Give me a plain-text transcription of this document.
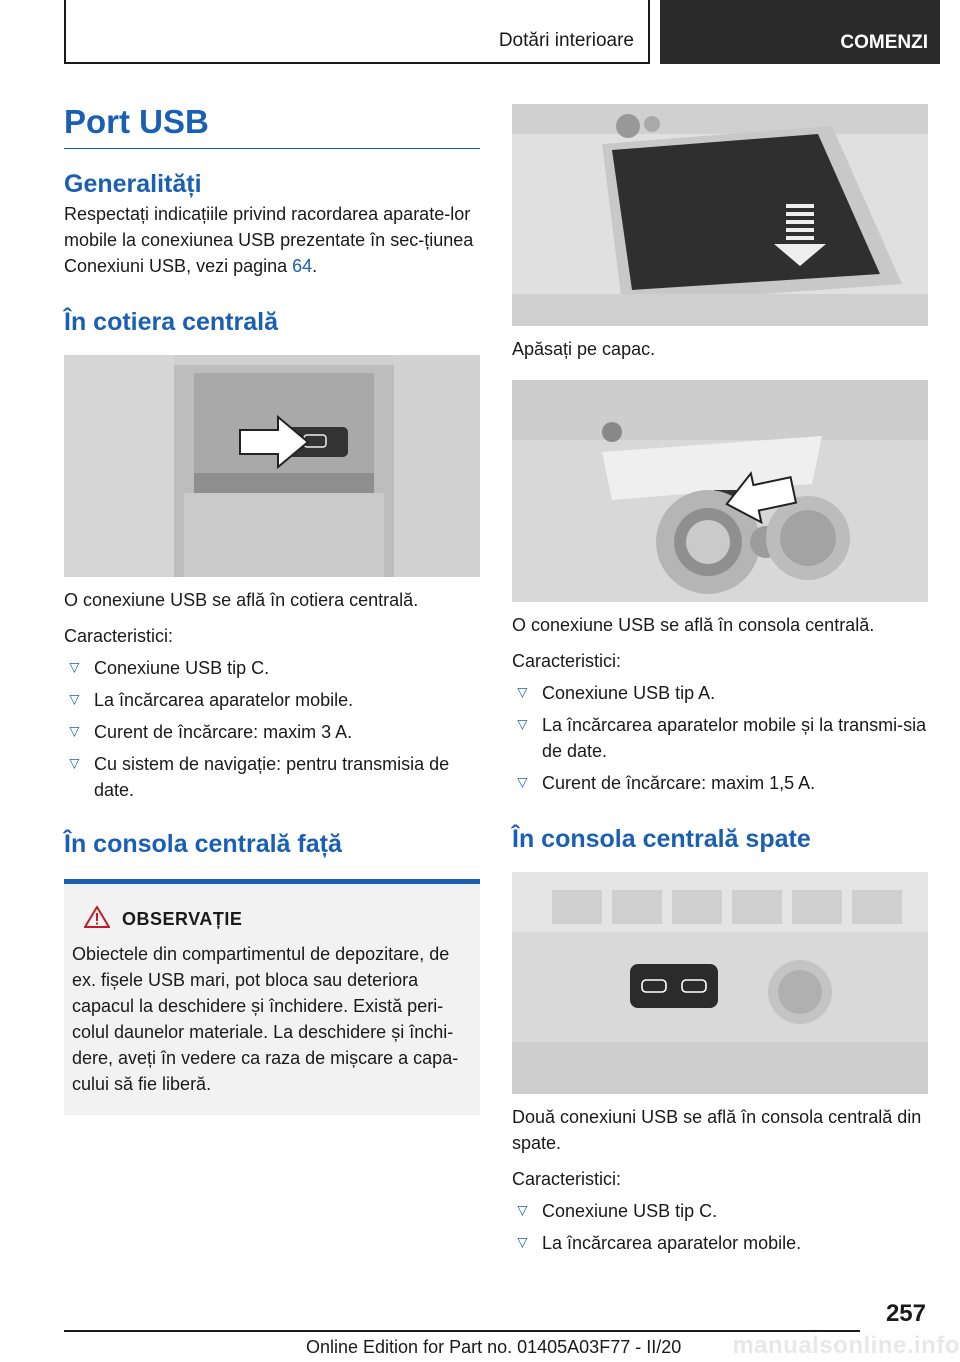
Dotări interioare	COMENZI
Port USB
Generalități

Respectați indicațiile privind racordarea aparate-lor mobile la conexiunea USB prezentate în sec-țiunea Conexiuni USB, vezi pagina 64.

În cotiera centrală

O conexiune USB se află în cotiera centrală.

Caracteristici:

▷ Conexiune USB tip C.
▷ La încărcarea aparatelor mobile.
▷ Curent de încărcare: maxim 3 A.
▷ Cu sistem de navigație: pentru transmisia de date.
În consola centrală față
OBSERVAȚIE

Obiectele din compartimentul de depozitare, de ex. fișele USB mari, pot bloca sau deteriora capacul la deschidere și închidere. Există peri-colul daunelor materiale. La deschidere și închi-dere, aveți în vedere ca raza de mișcare a capa-cului să fie liberă.

Apăsați pe capac.

O conexiune USB se află în consola centrală.

Caracteristici:

▷ Conexiune USB tip A.
▷ La încărcarea aparatelor mobile și la transmi-sia de date.
▷ Curent de încărcare: maxim 1,5 A.
În consola centrală spate

Două conexiuni USB se află în consola centrală din spate.

Caracteristici:

▷ Conexiune USB tip C.
▷ La încărcarea aparatelor mobile.
257
Online Edition for Part no. 01405A03F77 - II/20 manualsonline.info
